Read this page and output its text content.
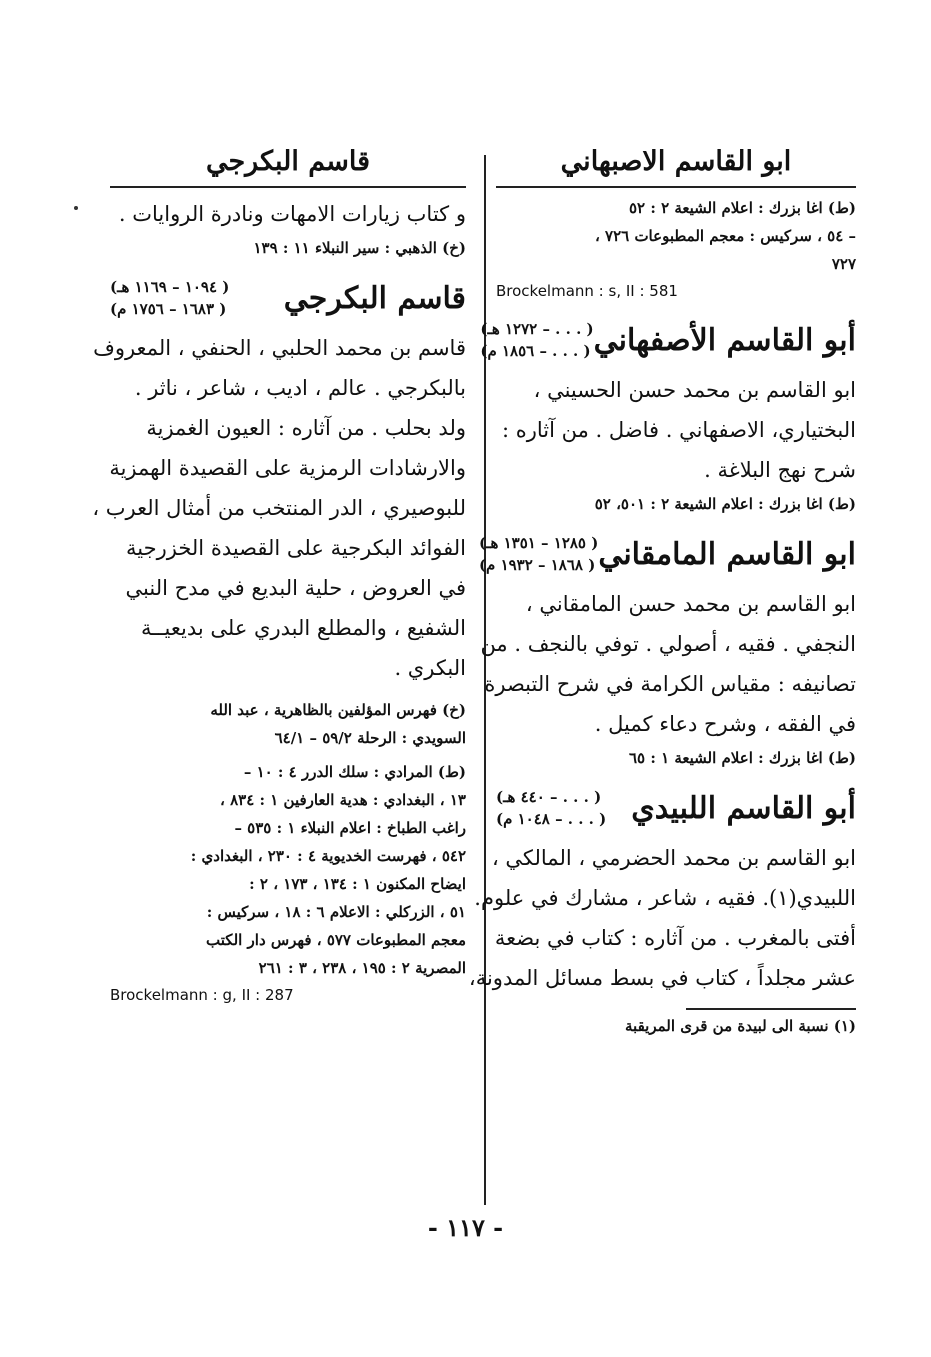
ابو القاسم الاصبهاني
(ط) اغا بزرك : اعلام الشيعة ٢ : ٥٢
– ٥٤ ، سركيس : معجم المطبوعات ٧٢٦ ،
٧٢٧
Brockelmann : s, II : 581
أبو القاسم الأصفهاني
( . . . – ١٢٧٢ هـ)
( . . . – ١٨٥٦ م)
ابو القاسم بن محمد حسن الحسيني ،
البختياري، الاصفهاني . فاضل . من آثاره :
شرح نهج البلاغة .
(ط) اغا بزرك : اعلام الشيعة ٢ : ٥٠١، ٥٢
ابو القاسم المامقاني
( ١٢٨٥ – ١٣٥١ هـ)
( ١٨٦٨ – ١٩٣٢ م)
ابو القاسم بن محمد حسن المامقاني ،
النجفي . فقيه ، أصولي . توفي بالنجف . من
تصانيفه : مقياس الكرامة في شرح التبصرة
في الفقه ، وشرح دعاء كميل .
(ط) اغا بزرك : اعلام الشيعة ١ : ٦٥
أبو القاسم اللبيدي
( . . . – ٤٤٠ هـ)
( . . . – ١٠٤٨ م)
ابو القاسم بن محمد الحضرمي ، المالكي ،
اللبيدي(١). فقيه ، شاعر ، مشارك في علوم.
أفتى بالمغرب . من آثاره : كتاب في بضعة
عشر مجلداً ، كتاب في بسط مسائل المدونة،
(١) نسبة الى لبيدة من قرى المريقبة
قاسم البكرجي
و كتاب زيارات الامهات ونادرة الروايات .
(خ) الذهبي : سير النبلاء ١١ : ١٣٩
قاسم البكرجي
( ١٠٩٤ – ١١٦٩ هـ)
( ١٦٨٣ – ١٧٥٦ م)
قاسم بن محمد الحلبي ، الحنفي ، المعروف
بالبكرجي . عالم ، اديب ، شاعر ، ناثر .
ولد بحلب . من آثاره : العيون الغمزية
والارشادات الرمزية على القصيدة الهمزية
للبوصيري ، الدر المنتخب من أمثال العرب ،
الفوائد البكرجية على القصيدة الخزرجية
في العروض ، حلية البديع في مدح النبي
الشفيع ، والمطلع البدري على بديعيــة
البكري .
(خ) فهرس المؤلفين بالظاهرية ، عبد الله
السويدي : الرحلة ٥٩/٢ – ٦٤/١
(ط) المرادي : سلك الدرر ٤ : ١٠ –
١٣ ، البغدادي : هدية العارفين ١ : ٨٣٤ ،
راغب الطباخ : اعلام النبلاء ١ : ٥٣٥ –
٥٤٢ ، فهرست الخديوية ٤ : ٢٣٠ ، البغدادي :
ايضاح المكنون ١ : ١٣٤ ، ١٧٣ ، ٢ :
٥١ ، الزركلي : الاعلام ٦ : ١٨ ، سركيس :
معجم المطبوعات ٥٧٧ ، فهرس دار الكتب
المصرية ٢ : ١٩٥ ، ٢٣٨ ، ٣ : ٢٦١
Brockelmann : g, II : 287
- ١١٧ -
